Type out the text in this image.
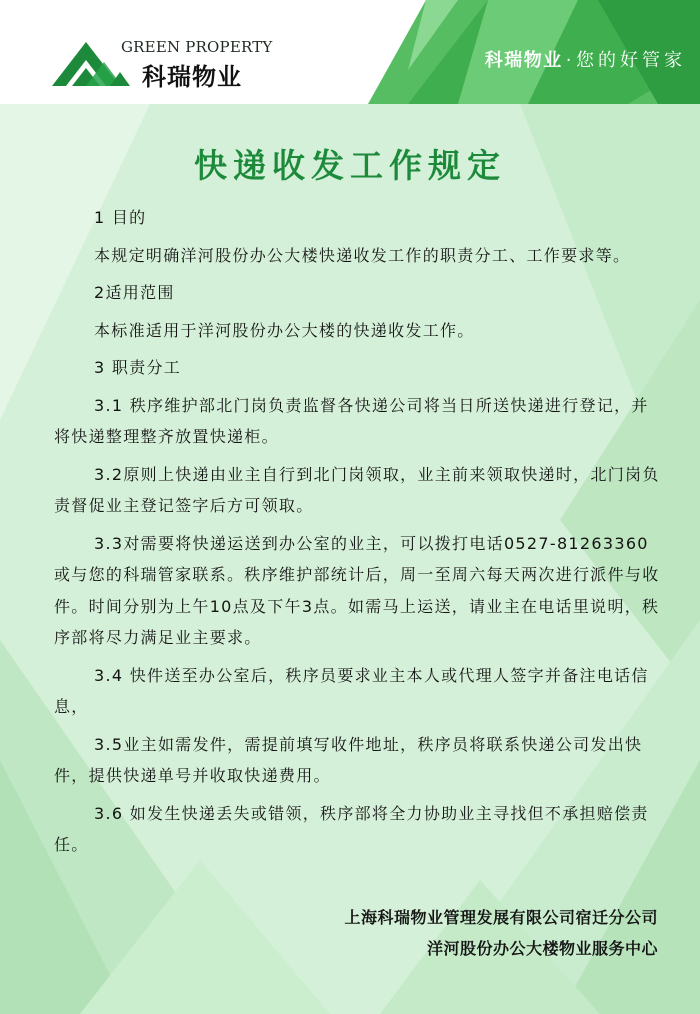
GREEN PROPERTY
科瑞物业
科瑞物业 · 您的好管家
快递收发工作规定

1 目的

本规定明确洋河股份办公大楼快递收发工作的职责分工、工作要求等。

2适用范围

本标准适用于洋河股份办公大楼的快递收发工作。

3 职责分工

3.1 秩序维护部北门岗负责监督各快递公司将当日所送快递进行登记，并将快递整理整齐放置快递柜。

3.2原则上快递由业主自行到北门岗领取，业主前来领取快递时，北门岗负责督促业主登记签字后方可领取。

3.3对需要将快递运送到办公室的业主，可以拨打电话0527-81263360或与您的科瑞管家联系。秩序维护部统计后，周一至周六每天两次进行派件与收件。时间分别为上午10点及下午3点。如需马上运送，请业主在电话里说明，秩序部将尽力满足业主要求。

3.4 快件送至办公室后，秩序员要求业主本人或代理人签字并备注电话信息，

3.5业主如需发件，需提前填写收件地址，秩序员将联系快递公司发出快件，提供快递单号并收取快递费用。

3.6 如发生快递丢失或错领，秩序部将全力协助业主寻找但不承担赔偿责任。

上海科瑞物业管理发展有限公司宿迁分公司
洋河股份办公大楼物业服务中心
